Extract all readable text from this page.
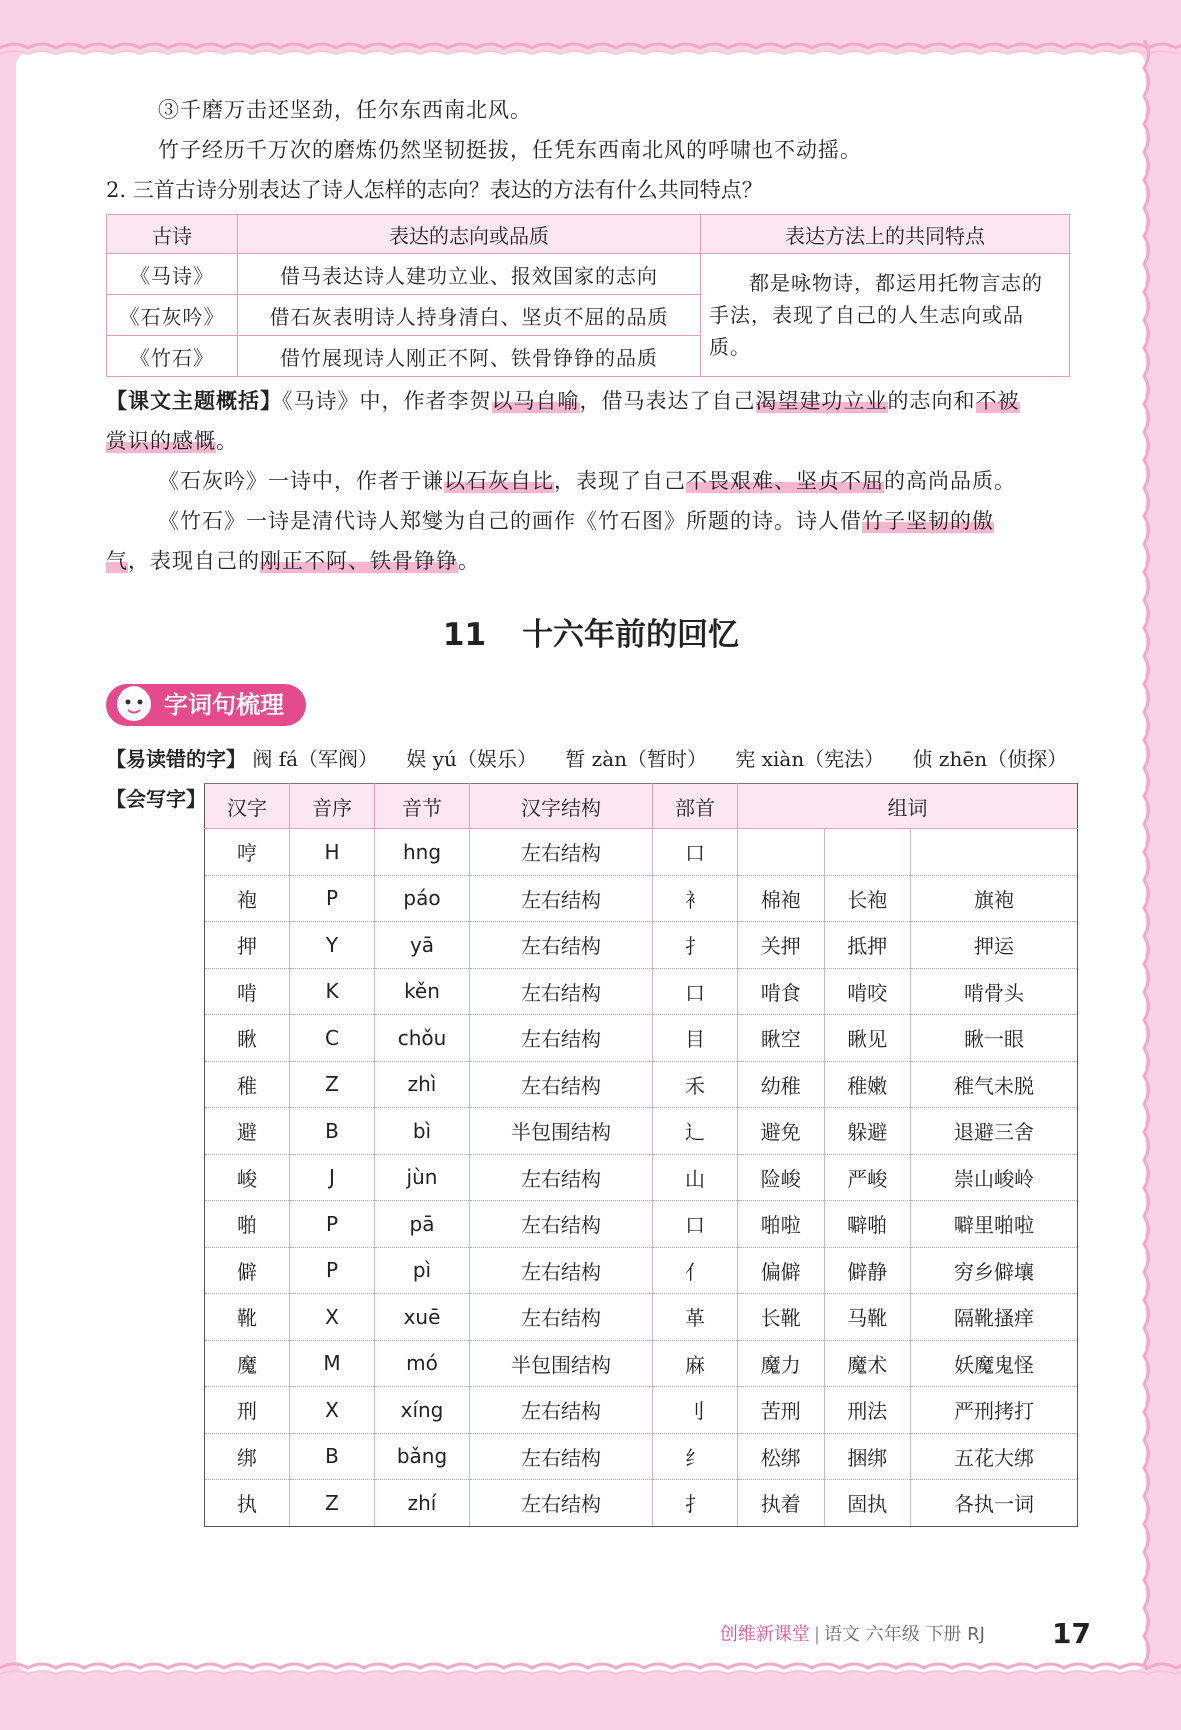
③千磨万击还坚劲，任尔东西南北风。
竹子经历千万次的磨炼仍然坚韧挺拔，任凭东西南北风的呼啸也不动摇。
2. 三首古诗分别表达了诗人怎样的志向？表达的方法有什么共同特点？
古诗	表达的志向或品质	表达方法上的共同特点
《马诗》	借马表达诗人建功立业、报效国家的志向	都是咏物诗，都运用托物言志的手法，表现了自己的人生志向或品质。
《石灰吟》	借石灰表明诗人持身清白、坚贞不屈的品质	
《竹石》	借竹展现诗人刚正不阿、铁骨铮铮的品质	
【课文主题概括】《马诗》中，作者李贺以马自喻，借马表达了自己渴望建功立业的志向和不被
赏识的感慨。
《石灰吟》一诗中，作者于谦以石灰自比，表现了自己不畏艰难、坚贞不屈的高尚品质。
《竹石》一诗是清代诗人郑燮为自己的画作《竹石图》所题的诗。诗人借竹子坚韧的傲
气，表现自己的刚正不阿、铁骨铮铮。
11 十六年前的回忆
字词句梳理
【易读错的字】 阀 fá（军阀） 娱 yú（娱乐） 暂 zàn（暂时） 宪 xiàn（宪法） 侦 zhēn（侦探）
【会写字】 汉字	音序	音节	汉字结构	部首	组词		
哼	H	hng	左右结构	口			
袍	P	páo	左右结构	衤	棉袍	长袍	旗袍
押	Y	yā	左右结构	扌	关押	抵押	押运
啃	K	kěn	左右结构	口	啃食	啃咬	啃骨头
瞅	C	chǒu	左右结构	目	瞅空	瞅见	瞅一眼
稚	Z	zhì	左右结构	禾	幼稚	稚嫩	稚气未脱
避	B	bì	半包围结构	辶	避免	躲避	退避三舍
峻	J	jùn	左右结构	山	险峻	严峻	崇山峻岭
啪	P	pā	左右结构	口	啪啦	噼啪	噼里啪啦
僻	P	pì	左右结构	亻	偏僻	僻静	穷乡僻壤
靴	X	xuē	左右结构	革	长靴	马靴	隔靴搔痒
魔	M	mó	半包围结构	麻	魔力	魔术	妖魔鬼怪
刑	X	xíng	左右结构	刂	苦刑	刑法	严刑拷打
绑	B	bǎng	左右结构	纟	松绑	捆绑	五花大绑
执	Z	zhí	左右结构	扌	执着	固执	各执一词
创维新课堂 | 语文 六年级 下册 RJ 17
